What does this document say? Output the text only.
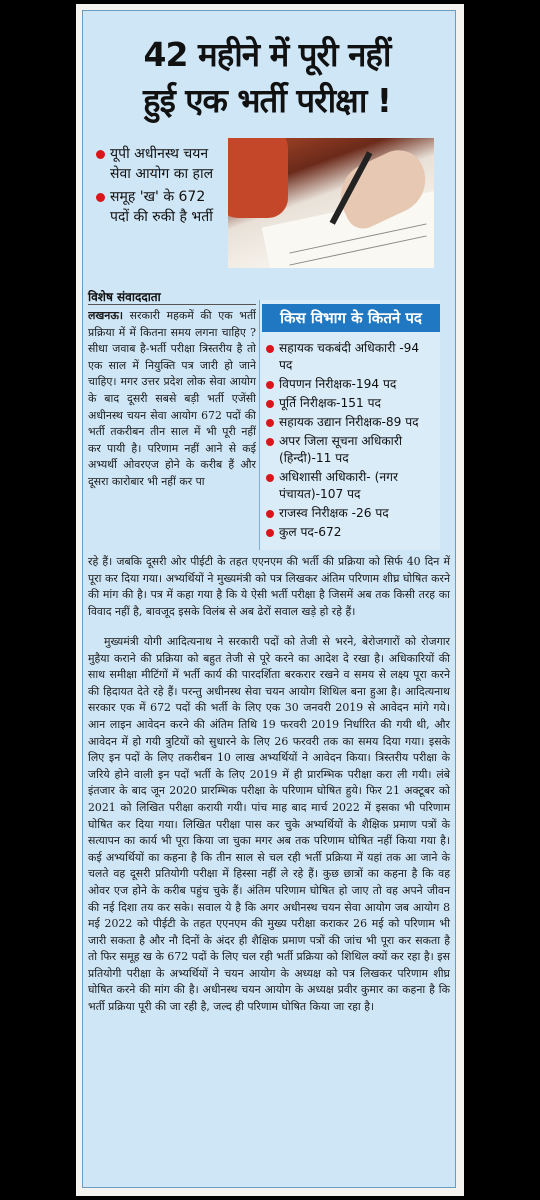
42 महीने में पूरी नहीं
हुई एक भर्ती परीक्षा !
यूपी अधीनस्थ चयन सेवा आयोग का हाल
समूह 'ख' के 672 पदों की रुकी है भर्ती
विशेष संवाददाता

लखनऊ। सरकारी महकमें की एक भर्ती प्रक्रिया में में कितना समय लगना चाहिए ? सीधा जवाब है-भर्ती परीक्षा त्रिस्तरीय है तो एक साल में नियुक्ति पत्र जारी हो जाने चाहिए। मगर उत्तर प्रदेश लोक सेवा आयोग के बाद दूसरी सबसे बड़ी भर्ती एजेंसी अधीनस्थ चयन सेवा आयोग 672 पदों की भर्ती तकरीबन तीन साल में भी पूरी नहीं कर पायी है। परिणाम नहीं आने से कई अभ्यर्थी ओवरएज होने के करीब हैं और दूसरा कारोबार भी नहीं कर पा

किस विभाग के कितने पद
सहायक चकबंदी अधिकारी -94 पद
विपणन निरीक्षक-194 पद
पूर्ति निरीक्षक-151 पद
सहायक उद्यान निरीक्षक-89 पद
अपर जिला सूचना अधिकारी (हिन्दी)-11 पद
अधिशासी अधिकारी- (नगर पंचायत)-107 पद
राजस्व निरीक्षक -26 पद
कुल पद-672

रहे हैं। जबकि दूसरी ओर पीईटी के तहत एएनएम की भर्ती की प्रक्रिया को सिर्फ 40 दिन में पूरा कर दिया गया। अभ्यर्थियों ने मुख्यमंत्री को पत्र लिखकर अंतिम परिणाम शीघ्र घोषित करने की मांग की है। पत्र में कहा गया है कि ये ऐसी भर्ती परीक्षा है जिसमें अब तक किसी तरह का विवाद नहीं है, बावजूद इसके विलंब से अब ढेरों सवाल खड़े हो रहे हैं।

मुख्यमंत्री योगी आदित्यनाथ ने सरकारी पदों को तेजी से भरने, बेरोजगारों को रोजगार मुहैया कराने की प्रक्रिया को बहुत तेजी से पूरे करने का आदेश दे रखा है। अधिकारियों की साथ समीक्षा मीटिंगों में भर्ती कार्य की पारदर्शिता बरकरार रखने व समय से लक्ष्य पूरा करने की हिदायत देते रहे हैं। परन्तु अधीनस्थ सेवा चयन आयोग शिथिल बना हुआ है। आदित्यनाथ सरकार एक में 672 पदों की भर्ती के लिए एक 30 जनवरी 2019 से आवेदन मांगे गये। आन लाइन आवेदन करने की अंतिम तिथि 19 फरवरी 2019 निर्धारित की गयी थी, और आवेदन में हो गयी त्रुटियों को सुधारने के लिए 26 फरवरी तक का समय दिया गया। इसके लिए इन पदों के लिए तकरीबन 10 लाख अभ्यर्थियों ने आवेदन किया। त्रिस्तरीय परीक्षा के जरिये होने वाली इन पदों भर्ती के लिए 2019 में ही प्रारम्भिक परीक्षा करा ली गयी। लंबे इंतजार के बाद जून 2020 प्रारम्भिक परीक्षा के परिणाम घोषित हुये। फिर 21 अक्टूबर को 2021 को लिखित परीक्षा करायी गयी। पांच माह बाद मार्च 2022 में इसका भी परिणाम घोषित कर दिया गया। लिखित परीक्षा पास कर चुके अभ्यर्थियों के शैक्षिक प्रमाण पत्रों के सत्यापन का कार्य भी पूरा किया जा चुका मगर अब तक परिणाम घोषित नहीं किया गया है। कई अभ्यर्थियों का कहना है कि तीन साल से चल रही भर्ती प्रक्रिया में यहां तक आ जाने के चलते वह दूसरी प्रतियोगी परीक्षा में हिस्सा नहीं ले रहे हैं। कुछ छात्रों का कहना है कि वह ओवर एज होने के करीब पहुंच चुके हैं। अंतिम परिणाम घोषित हो जाए तो वह अपने जीवन की नई दिशा तय कर सके। सवाल ये है कि अगर अधीनस्थ चयन सेवा आयोग जब आयोग 8 मई 2022 को पीईटी के तहत एएनएम की मुख्य परीक्षा कराकर 26 मई को परिणाम भी जारी सकता है और नौ दिनों के अंदर ही शैक्षिक प्रमाण पत्रों की जांच भी पूरा कर सकता है तो फिर समूह ख के 672 पदों के लिए चल रही भर्ती प्रक्रिया को शिथिल क्यों कर रहा है। इस प्रतियोगी परीक्षा के अभ्यर्थियों ने चयन आयोग के अध्यक्ष को पत्र लिखकर परिणाम शीघ्र घोषित करने की मांग की है। अधीनस्थ चयन आयोग के अध्यक्ष प्रवीर कुमार का कहना है कि भर्ती प्रक्रिया पूरी की जा रही है, जल्द ही परिणाम घोषित किया जा रहा है।
